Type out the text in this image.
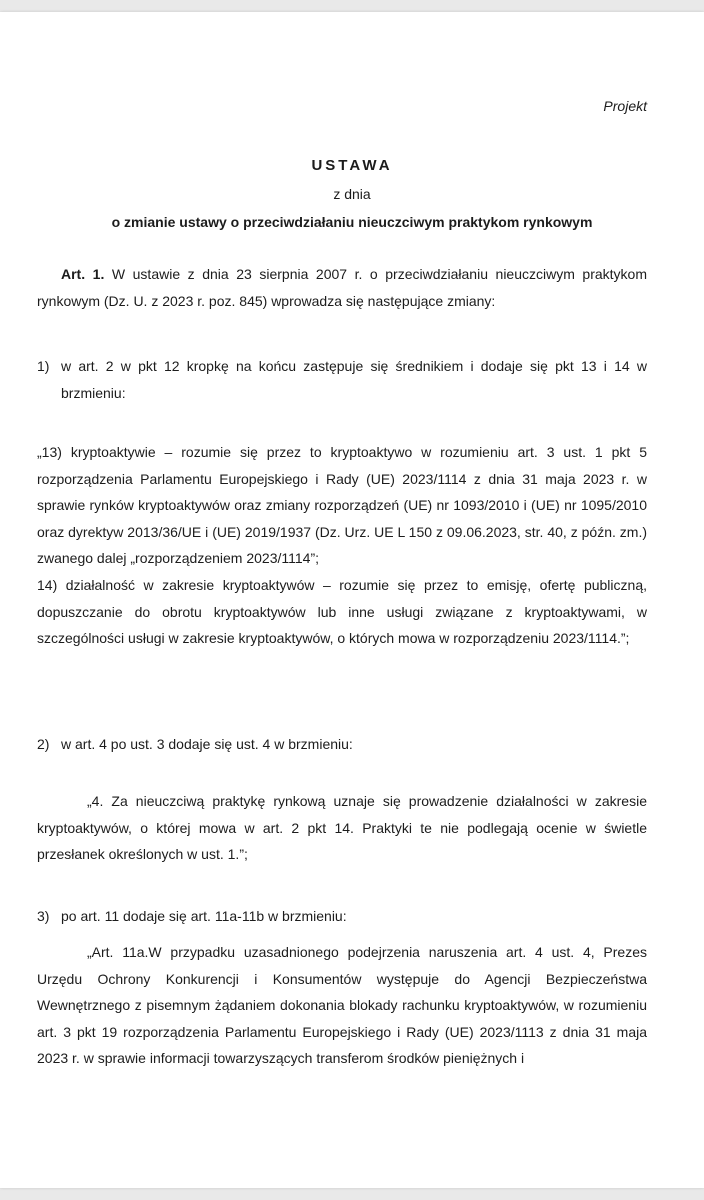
Projekt
USTAWA
z dnia
o zmianie ustawy o przeciwdziałaniu nieuczciwym praktykom rynkowym

Art. 1. W ustawie z dnia 23 sierpnia 2007 r. o przeciwdziałaniu nieuczciwym praktykom rynkowym (Dz. U. z 2023 r. poz. 845) wprowadza się następujące zmiany:

1) w art. 2 w pkt 12 kropkę na końcu zastępuje się średnikiem i dodaje się pkt 13 i 14 w brzmieniu:

„13) kryptoaktywie – rozumie się przez to kryptoaktywo w rozumieniu art. 3 ust. 1 pkt 5 rozporządzenia Parlamentu Europejskiego i Rady (UE) 2023/1114 z dnia 31 maja 2023 r. w sprawie rynków kryptoaktywów oraz zmiany rozporządzeń (UE) nr 1093/2010 i (UE) nr 1095/2010 oraz dyrektyw 2013/36/UE i (UE) 2019/1937 (Dz. Urz. UE L 150 z 09.06.2023, str. 40, z późn. zm.) zwanego dalej „rozporządzeniem 2023/1114”;

14) działalność w zakresie kryptoaktywów – rozumie się przez to emisję, ofertę publiczną, dopuszczanie do obrotu kryptoaktywów lub inne usługi związane z kryptoaktywami, w szczególności usługi w zakresie kryptoaktywów, o których mowa w rozporządzeniu 2023/1114.”;

2) w art. 4 po ust. 3 dodaje się ust. 4 w brzmieniu:

„4. Za nieuczciwą praktykę rynkową uznaje się prowadzenie działalności w zakresie kryptoaktywów, o której mowa w art. 2 pkt 14. Praktyki te nie podlegają ocenie w świetle przesłanek określonych w ust. 1.”;

3) po art. 11 dodaje się art. 11a-11b w brzmieniu:

„Art. 11a.W przypadku uzasadnionego podejrzenia naruszenia art. 4 ust. 4, Prezes Urzędu Ochrony Konkurencji i Konsumentów występuje do Agencji Bezpieczeństwa Wewnętrznego z pisemnym żądaniem dokonania blokady rachunku kryptoaktywów, w rozumieniu art. 3 pkt 19 rozporządzenia Parlamentu Europejskiego i Rady (UE) 2023/1113 z dnia 31 maja 2023 r. w sprawie informacji towarzyszących transferom środków pieniężnych i
